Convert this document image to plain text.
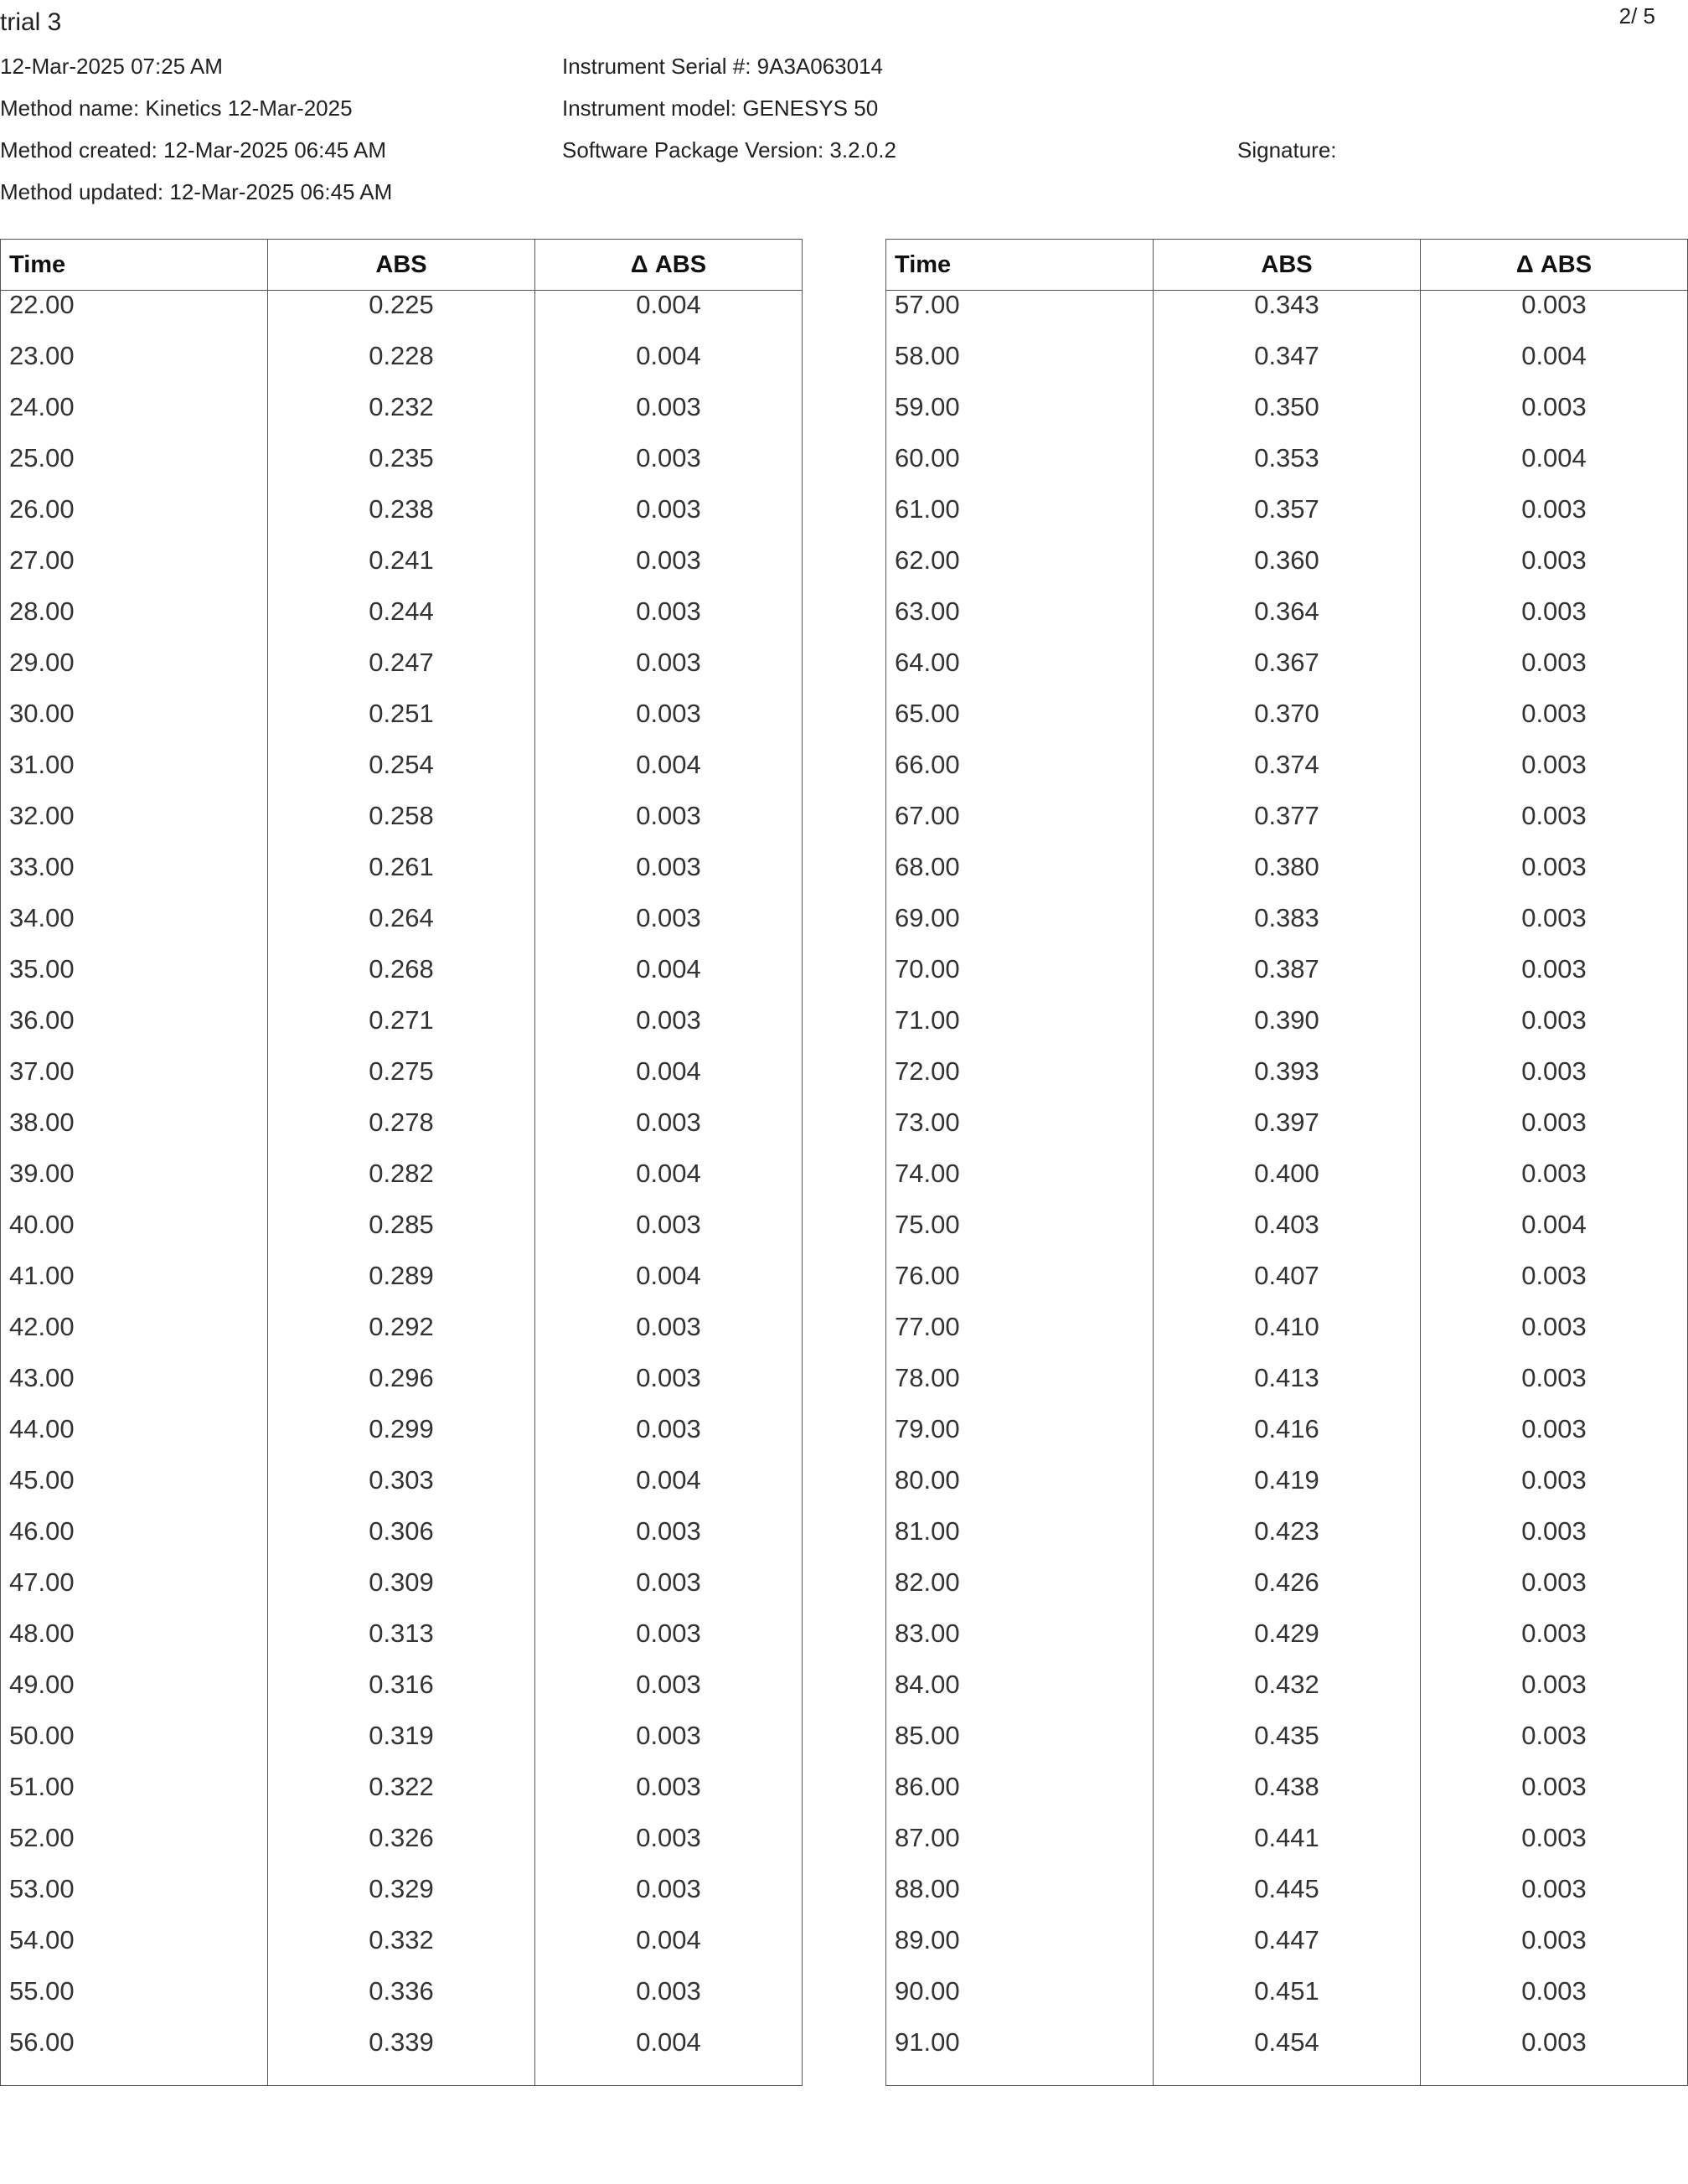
trial 3	2/ 5
12-Mar-2025 07:25 AM
Method name: Kinetics 12-Mar-2025
Method created: 12-Mar-2025 06:45 AM
Method updated: 12-Mar-2025 06:45 AM
Instrument Serial #: 9A3A063014
Instrument model: GENESYS 50
Software Package Version: 3.2.0.2	Signature:
Time	ABS	Δ ABS
22.00	0.225	0.004
23.00	0.228	0.004
24.00	0.232	0.003
25.00	0.235	0.003
26.00	0.238	0.003
27.00	0.241	0.003
28.00	0.244	0.003
29.00	0.247	0.003
30.00	0.251	0.003
31.00	0.254	0.004
32.00	0.258	0.003
33.00	0.261	0.003
34.00	0.264	0.003
35.00	0.268	0.004
36.00	0.271	0.003
37.00	0.275	0.004
38.00	0.278	0.003
39.00	0.282	0.004
40.00	0.285	0.003
41.00	0.289	0.004
42.00	0.292	0.003
43.00	0.296	0.003
44.00	0.299	0.003
45.00	0.303	0.004
46.00	0.306	0.003
47.00	0.309	0.003
48.00	0.313	0.003
49.00	0.316	0.003
50.00	0.319	0.003
51.00	0.322	0.003
52.00	0.326	0.003
53.00	0.329	0.003
54.00	0.332	0.004
55.00	0.336	0.003
56.00	0.339	0.004
Time	ABS	Δ ABS
57.00	0.343	0.003
58.00	0.347	0.004
59.00	0.350	0.003
60.00	0.353	0.004
61.00	0.357	0.003
62.00	0.360	0.003
63.00	0.364	0.003
64.00	0.367	0.003
65.00	0.370	0.003
66.00	0.374	0.003
67.00	0.377	0.003
68.00	0.380	0.003
69.00	0.383	0.003
70.00	0.387	0.003
71.00	0.390	0.003
72.00	0.393	0.003
73.00	0.397	0.003
74.00	0.400	0.003
75.00	0.403	0.004
76.00	0.407	0.003
77.00	0.410	0.003
78.00	0.413	0.003
79.00	0.416	0.003
80.00	0.419	0.003
81.00	0.423	0.003
82.00	0.426	0.003
83.00	0.429	0.003
84.00	0.432	0.003
85.00	0.435	0.003
86.00	0.438	0.003
87.00	0.441	0.003
88.00	0.445	0.003
89.00	0.447	0.003
90.00	0.451	0.003
91.00	0.454	0.003
